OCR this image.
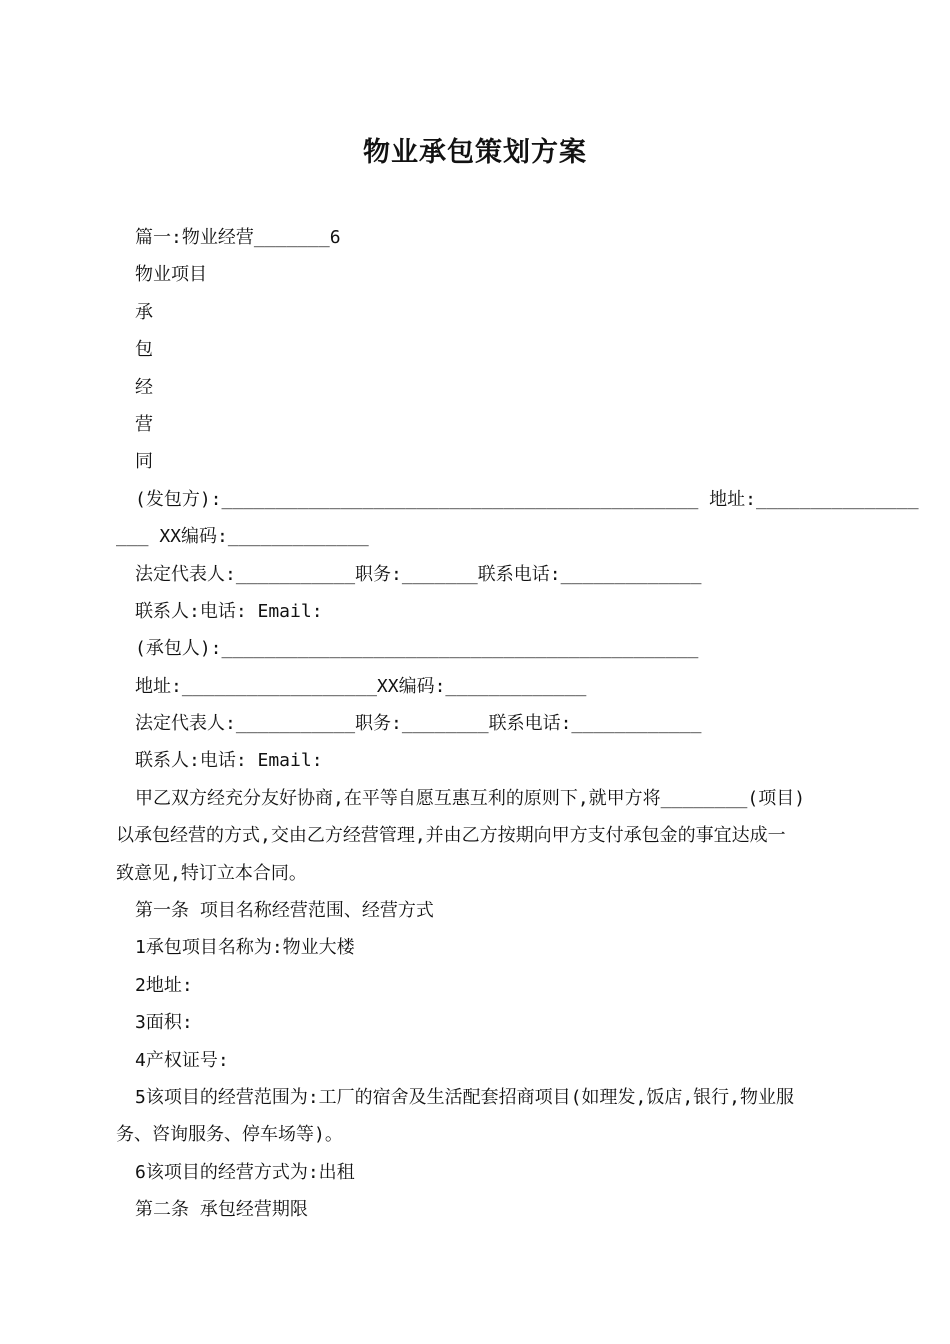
物业承包策划方案
篇一:物业经营_______6
物业项目
承
包
经
营
同
(发包方):____________________________________________ 地址:_______________
___ XX编码:_____________
法定代表人:___________职务:_______联系电话:_____________
联系人:电话: Email:
(承包人):____________________________________________
地址:__________________XX编码:_____________
法定代表人:___________职务:________联系电话:____________
联系人:电话: Email:
甲乙双方经充分友好协商,在平等自愿互惠互利的原则下,就甲方将________(项目)
以承包经营的方式,交由乙方经营管理,并由乙方按期向甲方支付承包金的事宜达成一
致意见,特订立本合同。
第一条 项目名称经营范围、经营方式
1承包项目名称为:物业大楼
2地址:
3面积:
4产权证号:
5该项目的经营范围为:工厂的宿舍及生活配套招商项目(如理发,饭店,银行,物业服
务、咨询服务、停车场等)。
6该项目的经营方式为:出租
第二条 承包经营期限
